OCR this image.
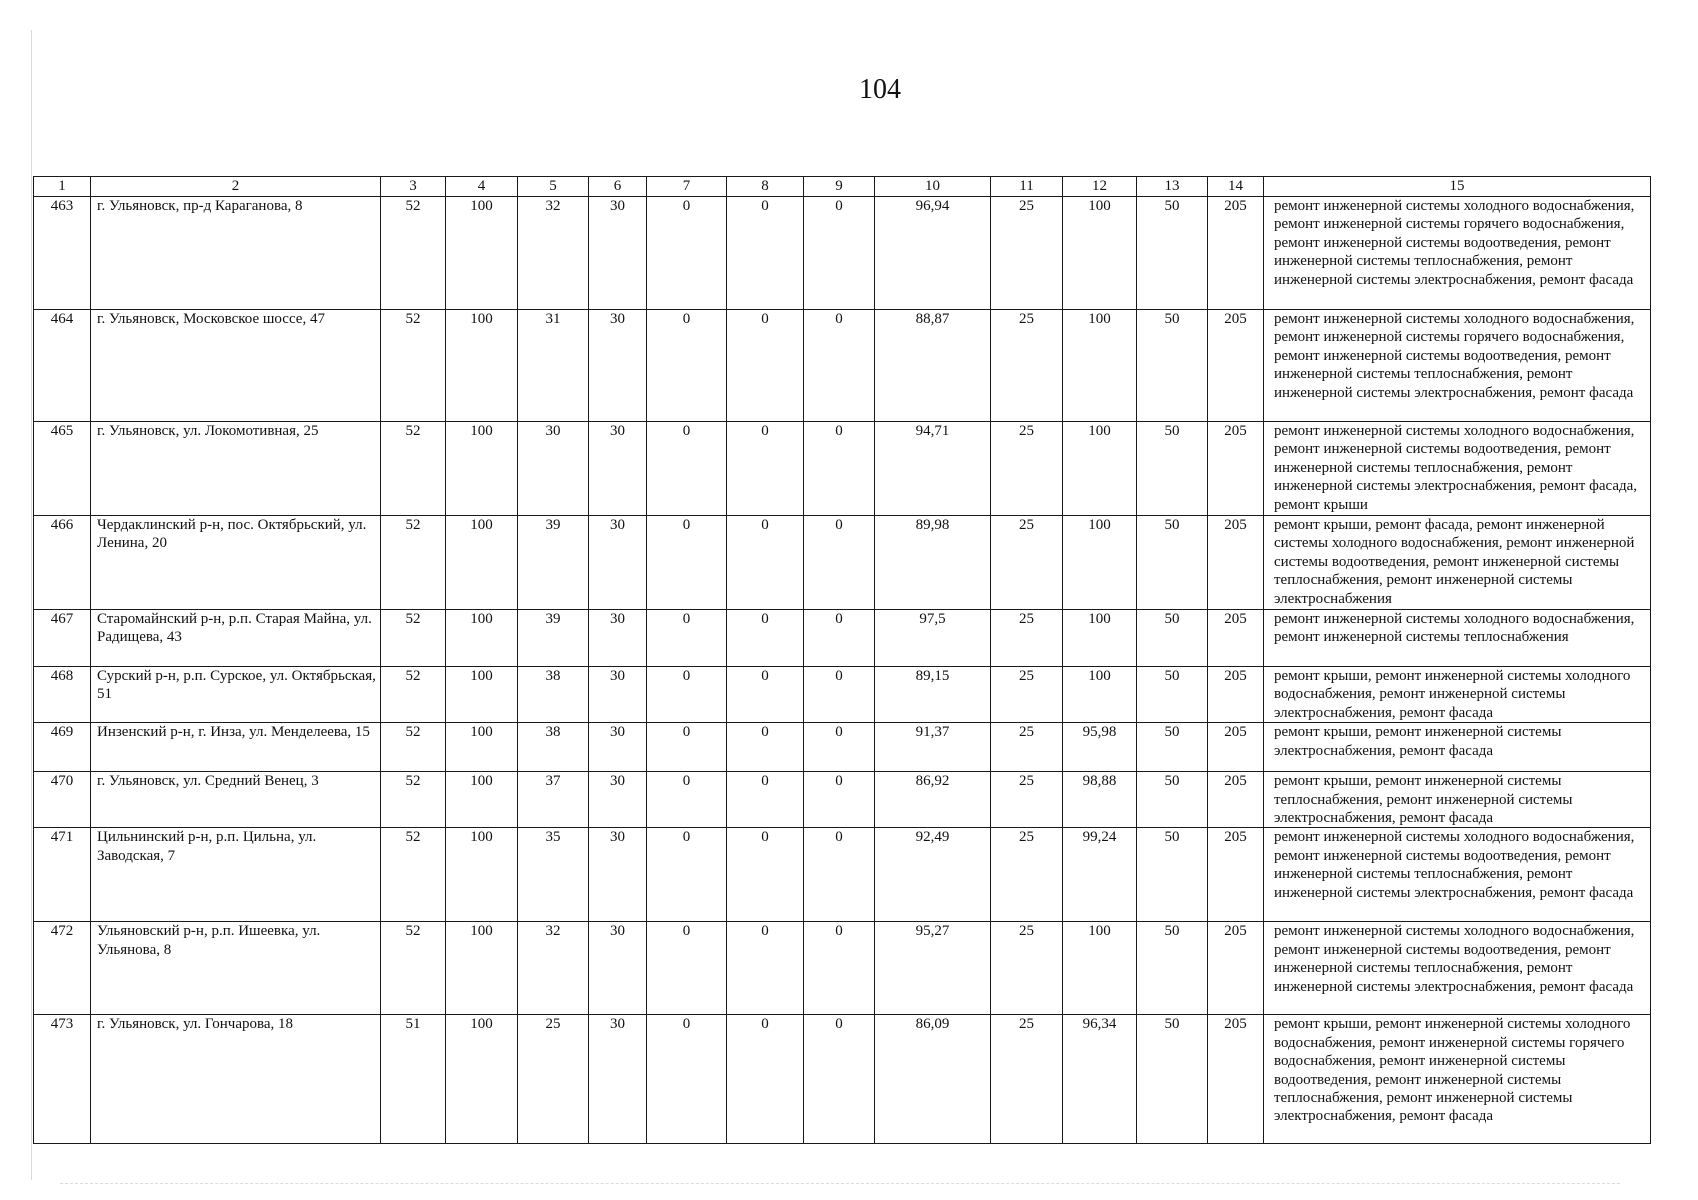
104
1	2	3	4	5	6	7	8	9	10	11	12	13	14	15
463	г. Ульяновск, пр-д Караганова, 8	52	100	32	30	0	0	0	96,94	25	100	50	205	ремонт инженерной системы холодного водоснабжения, ремонт инженерной системы горячего водоснабжения, ремонт инженерной системы водоотведения, ремонт инженерной системы теплоснабжения, ремонт инженерной системы электроснабжения, ремонт фасада
464	г. Ульяновск, Московское шоссе, 47	52	100	31	30	0	0	0	88,87	25	100	50	205	ремонт инженерной системы холодного водоснабжения, ремонт инженерной системы горячего водоснабжения, ремонт инженерной системы водоотведения, ремонт инженерной системы теплоснабжения, ремонт инженерной системы электроснабжения, ремонт фасада
465	г. Ульяновск, ул. Локомотивная, 25	52	100	30	30	0	0	0	94,71	25	100	50	205	ремонт инженерной системы холодного водоснабжения, ремонт инженерной системы водоотведения, ремонт инженерной системы теплоснабжения, ремонт инженерной системы электроснабжения, ремонт фасада, ремонт крыши
466	Чердаклинский р-н, пос. Октябрьский, ул. Ленина, 20	52	100	39	30	0	0	0	89,98	25	100	50	205	ремонт крыши, ремонт фасада, ремонт инженерной системы холодного водоснабжения, ремонт инженерной системы водоотведения, ремонт инженерной системы теплоснабжения, ремонт инженерной системы электроснабжения
467	Старомайнский р-н, р.п. Старая Майна, ул. Радищева, 43	52	100	39	30	0	0	0	97,5	25	100	50	205	ремонт инженерной системы холодного водоснабжения, ремонт инженерной системы теплоснабжения
468	Сурский р-н, р.п. Сурское, ул. Октябрьская, 51	52	100	38	30	0	0	0	89,15	25	100	50	205	ремонт крыши, ремонт инженерной системы холодного водоснабжения, ремонт инженерной системы электроснабжения, ремонт фасада
469	Инзенский р-н, г. Инза, ул. Менделеева, 15	52	100	38	30	0	0	0	91,37	25	95,98	50	205	ремонт крыши, ремонт инженерной системы электроснабжения, ремонт фасада
470	г. Ульяновск, ул. Средний Венец, 3	52	100	37	30	0	0	0	86,92	25	98,88	50	205	ремонт крыши, ремонт инженерной системы теплоснабжения, ремонт инженерной системы электроснабжения, ремонт фасада
471	Цильнинский р-н, р.п. Цильна, ул. Заводская, 7	52	100	35	30	0	0	0	92,49	25	99,24	50	205	ремонт инженерной системы холодного водоснабжения, ремонт инженерной системы водоотведения, ремонт инженерной системы теплоснабжения, ремонт инженерной системы электроснабжения, ремонт фасада
472	Ульяновский р-н, р.п. Ишеевка, ул. Ульянова, 8	52	100	32	30	0	0	0	95,27	25	100	50	205	ремонт инженерной системы холодного водоснабжения, ремонт инженерной системы водоотведения, ремонт инженерной системы теплоснабжения, ремонт инженерной системы электроснабжения, ремонт фасада
473	г. Ульяновск, ул. Гончарова, 18	51	100	25	30	0	0	0	86,09	25	96,34	50	205	ремонт крыши, ремонт инженерной системы холодного водоснабжения, ремонт инженерной системы горячего водоснабжения, ремонт инженерной системы водоотведения, ремонт инженерной системы теплоснабжения, ремонт инженерной системы электроснабжения, ремонт фасада
